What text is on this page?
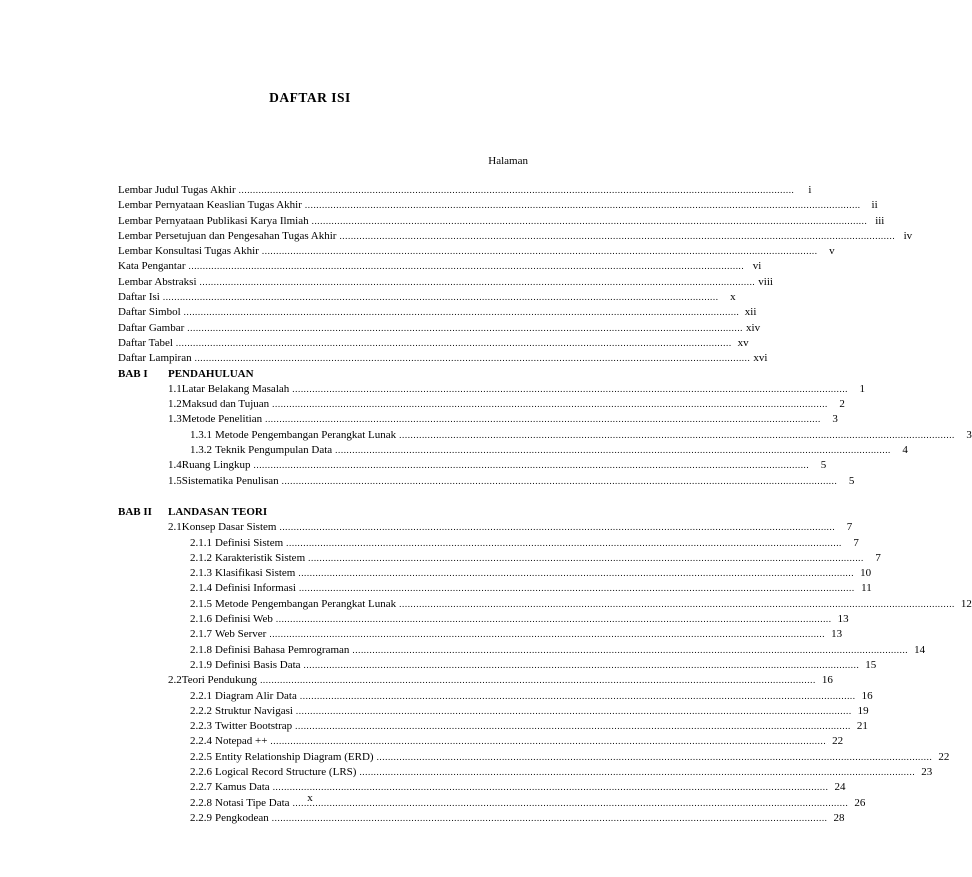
DAFTAR ISI
Halaman
Lembar Judul Tugas Akhir .....	i
Lembar Pernyataan Keaslian Tugas Akhir .....	ii
Lembar Pernyataan Publikasi Karya Ilmiah .....	iii
Lembar Persetujuan dan Pengesahan Tugas Akhir .....	iv
Lembar Konsultasi Tugas Akhir .....	v
Kata Pengantar .....	vi
Lembar Abstraksi .....	viii
Daftar Isi .....	x
Daftar Simbol .....	xii
Daftar Gambar .....	xiv
Daftar Tabel .....	xv
Daftar Lampiran .....	xvi
BAB I	PENDAHULUAN
1.1 Latar Belakang Masalah .....	1
1.2 Maksud dan Tujuan .....	2
1.3 Metode Penelitian .....	3
1.3.1 Metode Pengembangan Perangkat Lunak .....	3
1.3.2 Teknik Pengumpulan Data .....	4
1.4 Ruang Lingkup .....	5
1.5 Sistematika Penulisan .....	5
BAB II	LANDASAN TEORI
2.1 Konsep Dasar Sistem .....	7
2.1.1 Definisi Sistem .....	7
2.1.2 Karakteristik Sistem .....	7
2.1.3 Klasifikasi Sistem .....	10
2.1.4 Definisi Informasi .....	11
2.1.5 Metode Pengembangan Perangkat Lunak .....	12
2.1.6 Definisi Web .....	13
2.1.7 Web Server .....	13
2.1.8 Definisi Bahasa Pemrograman .....	14
2.1.9 Definisi Basis Data .....	15
2.2 Teori Pendukung .....	16
2.2.1 Diagram Alir Data .....	16
2.2.2 Struktur Navigasi .....	19
2.2.3 Twitter Bootstrap .....	21
2.2.4 Notepad ++ .....	22
2.2.5 Entity Relationship Diagram (ERD) .....	22
2.2.6 Logical Record Structure (LRS) .....	23
2.2.7 Kamus Data .....	24
2.2.8 Notasi Tipe Data .....	26
2.2.9 Pengkodean .....	28
x
